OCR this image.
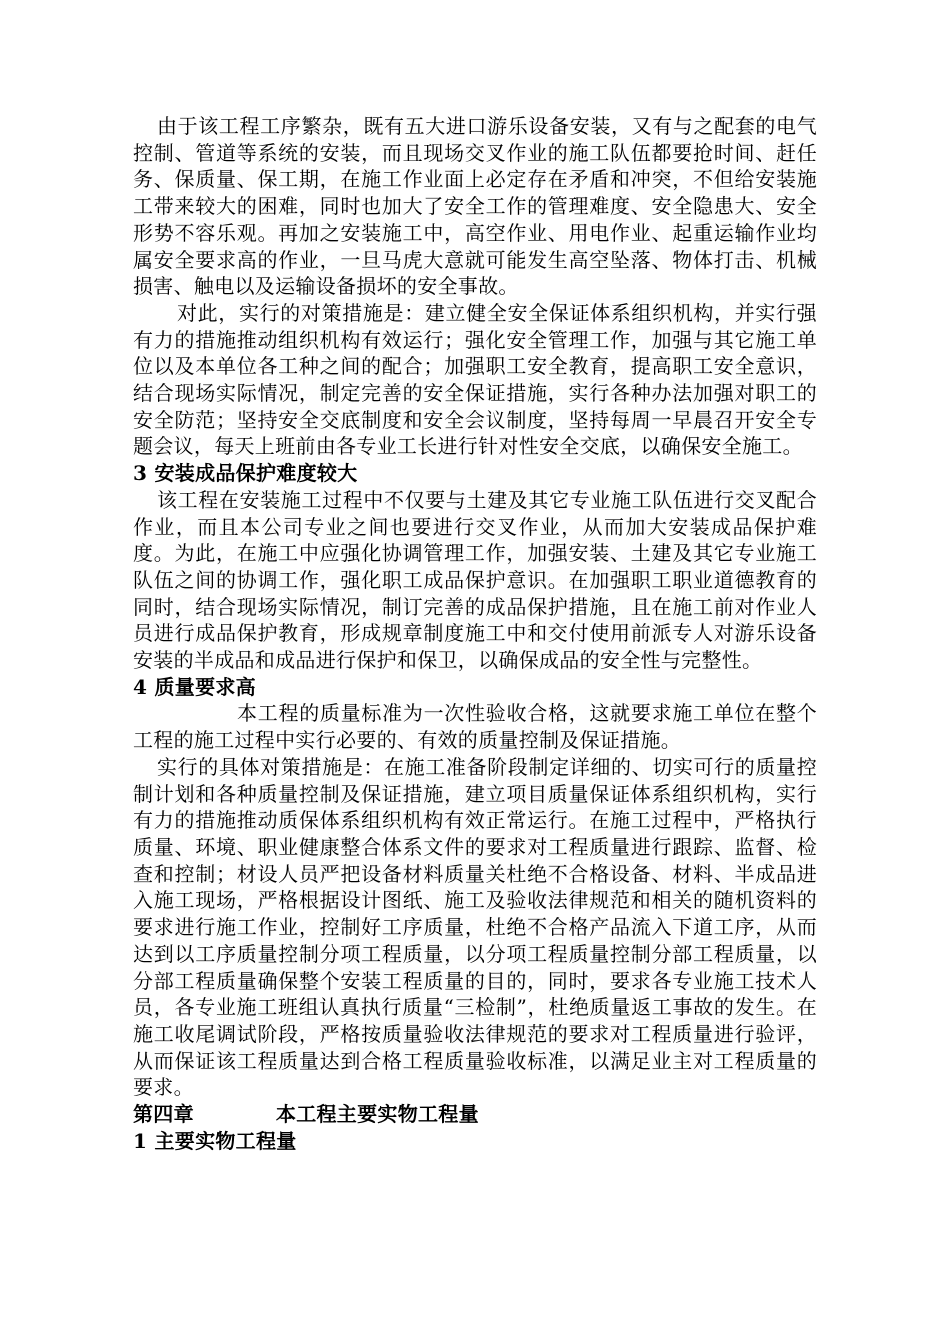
由于该工程工序繁杂，既有五大进口游乐设备安装，又有与之配套的电气控制、管道等系统的安装，而且现场交叉作业的施工队伍都要抢时间、赶任务、保质量、保工期，在施工作业面上必定存在矛盾和冲突，不但给安装施工带来较大的困难，同时也加大了安全工作的管理难度、安全隐患大、安全形势不容乐观。再加之安装施工中，高空作业、用电作业、起重运输作业均属安全要求高的作业，一旦马虎大意就可能发生高空坠落、物体打击、机械损害、触电以及运输设备损坏的安全事故。

对此，实行的对策措施是：建立健全安全保证体系组织机构，并实行强有力的措施推动组织机构有效运行；强化安全管理工作，加强与其它施工单位以及本单位各工种之间的配合；加强职工安全教育，提高职工安全意识，结合现场实际情况，制定完善的安全保证措施，实行各种办法加强对职工的安全防范；坚持安全交底制度和安全会议制度，坚持每周一早晨召开安全专题会议，每天上班前由各专业工长进行针对性安全交底，以确保安全施工。

3 安装成品保护难度较大

该工程在安装施工过程中不仅要与土建及其它专业施工队伍进行交叉配合作业，而且本公司专业之间也要进行交叉作业，从而加大安装成品保护难度。为此，在施工中应强化协调管理工作，加强安装、土建及其它专业施工队伍之间的协调工作，强化职工成品保护意识。在加强职工职业道德教育的同时，结合现场实际情况，制订完善的成品保护措施，且在施工前对作业人员进行成品保护教育，形成规章制度施工中和交付使用前派专人对游乐设备安装的半成品和成品进行保护和保卫，以确保成品的安全性与完整性。

4 质量要求高

本工程的质量标准为一次性验收合格，这就要求施工单位在整个工程的施工过程中实行必要的、有效的质量控制及保证措施。

实行的具体对策措施是：在施工准备阶段制定详细的、切实可行的质量控制计划和各种质量控制及保证措施，建立项目质量保证体系组织机构，实行有力的措施推动质保体系组织机构有效正常运行。在施工过程中，严格执行质量、环境、职业健康整合体系文件的要求对工程质量进行跟踪、监督、检查和控制；材设人员严把设备材料质量关杜绝不合格设备、材料、半成品进入施工现场，严格根据设计图纸、施工及验收法律规范和相关的随机资料的要求进行施工作业，控制好工序质量，杜绝不合格产品流入下道工序，从而达到以工序质量控制分项工程质量，以分项工程质量控制分部工程质量，以分部工程质量确保整个安装工程质量的目的，同时，要求各专业施工技术人员，各专业施工班组认真执行质量“三检制”，杜绝质量返工事故的发生。在施工收尾调试阶段，严格按质量验收法律规范的要求对工程质量进行验评，从而保证该工程质量达到合格工程质量验收标准，以满足业主对工程质量的要求。

第四章	本工程主要实物工程量

1 主要实物工程量
